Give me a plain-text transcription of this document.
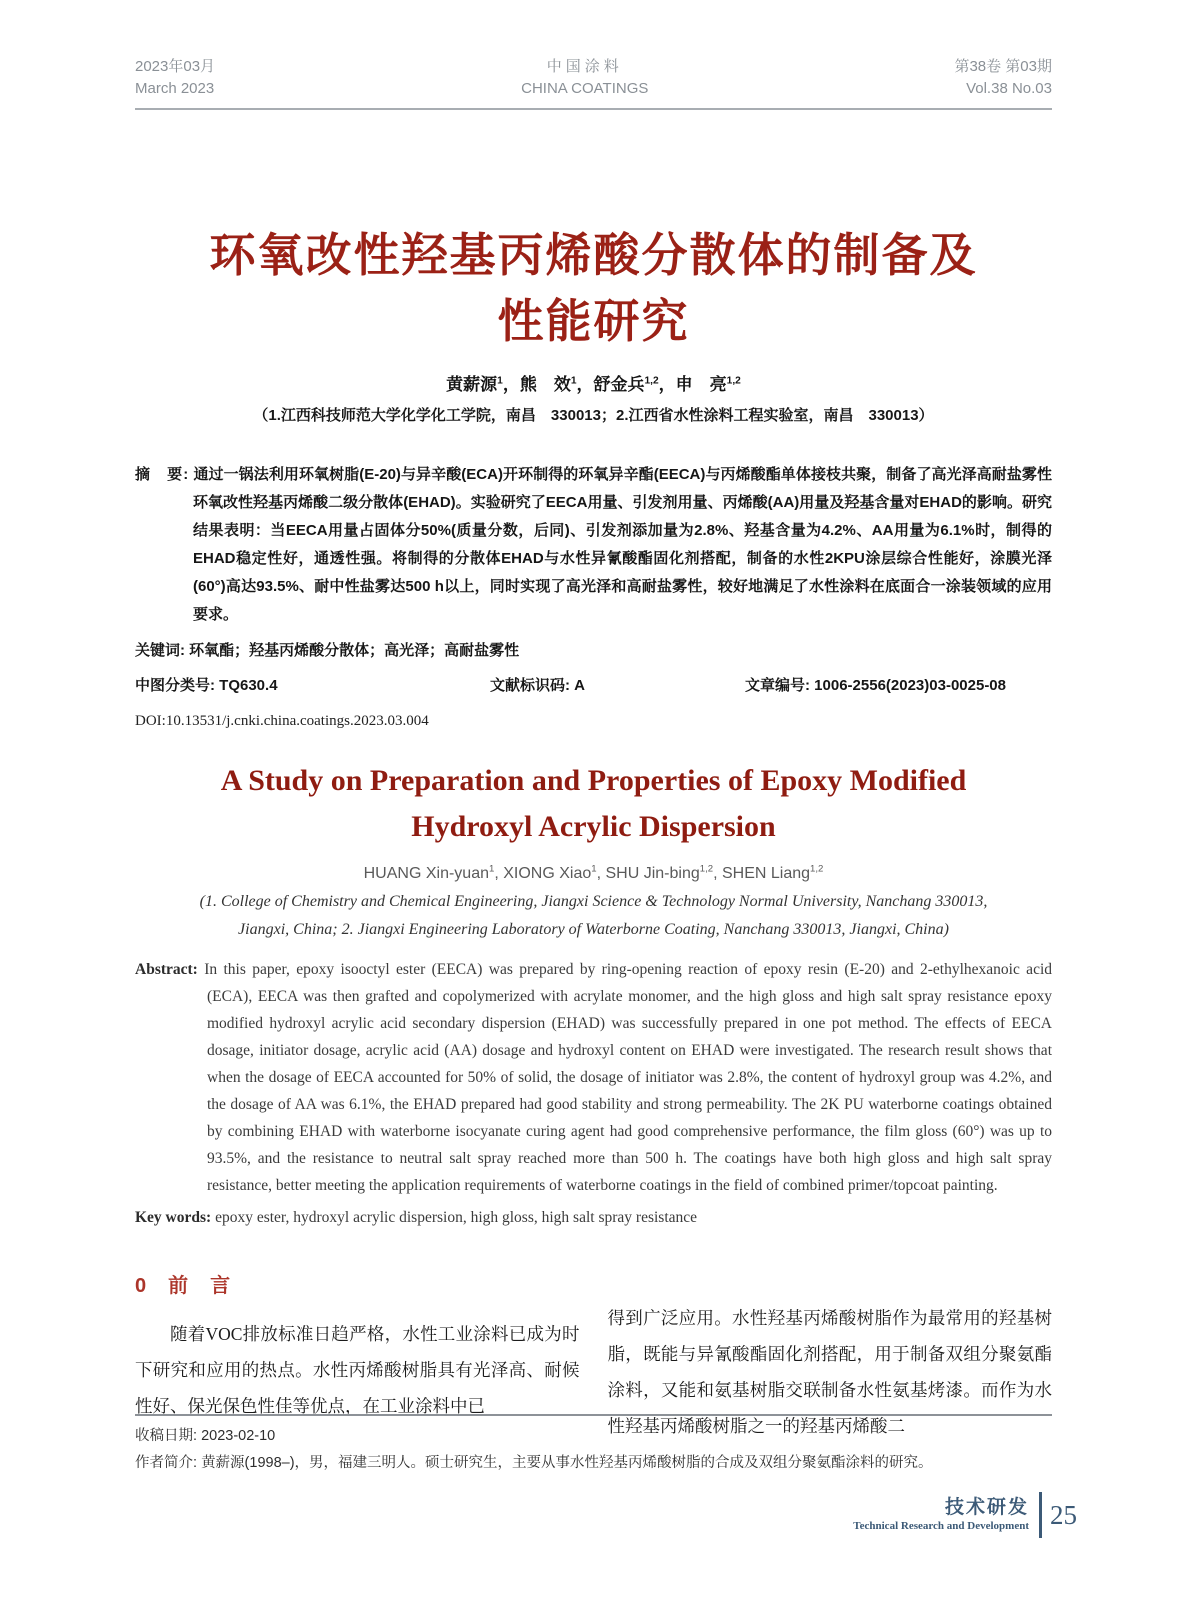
2023年03月
March 2023
中国涂料
CHINA COATINGS
第38卷 第03期
Vol.38 No.03
环氧改性羟基丙烯酸分散体的制备及
性能研究
黄薪源$^1$，熊　效$^1$，舒金兵$^{1,2}$，申　亮$^{1,2}$
（1.江西科技师范大学化学化工学院，南昌　330013；2.江西省水性涂料工程实验室，南昌　330013）

摘　要: 通过一锅法利用环氧树脂(E-20)与异辛酸(ECA)开环制得的环氧异辛酯(EECA)与丙烯酸酯单体接枝共聚，制备了高光泽高耐盐雾性环氧改性羟基丙烯酸二级分散体(EHAD)。实验研究了EECA用量、引发剂用量、丙烯酸(AA)用量及羟基含量对EHAD的影响。研究结果表明：当EECA用量占固体分50%(质量分数，后同)、引发剂添加量为2.8%、羟基含量为4.2%、AA用量为6.1%时，制得的EHAD稳定性好，通透性强。将制得的分散体EHAD与水性异氰酸酯固化剂搭配，制备的水性2KPU涂层综合性能好，涂膜光泽(60°)高达93.5%、耐中性盐雾达500 h以上，同时实现了高光泽和高耐盐雾性，较好地满足了水性涂料在底面合一涂装领域的应用要求。

关键词: 环氧酯；羟基丙烯酸分散体；高光泽；高耐盐雾性
中图分类号: TQ630.4	文献标识码: A	文章编号: 1006-2556(2023)03-0025-08
DOI:10.13531/j.cnki.china.coatings.2023.03.004
A Study on Preparation and Properties of Epoxy Modified
Hydroxyl Acrylic Dispersion
HUANG Xin-yuan$^1$, XIONG Xiao$^1$, SHU Jin-bing$^{1,2}$, SHEN Liang$^{1,2}$
(1. College of Chemistry and Chemical Engineering, Jiangxi Science & Technology Normal University, Nanchang 330013,
Jiangxi, China; 2. Jiangxi Engineering Laboratory of Waterborne Coating, Nanchang 330013, Jiangxi, China)

Abstract: In this paper, epoxy isooctyl ester (EECA) was prepared by ring-opening reaction of epoxy resin (E-20) and 2-ethylhexanoic acid (ECA), EECA was then grafted and copolymerized with acrylate monomer, and the high gloss and high salt spray resistance epoxy modified hydroxyl acrylic acid secondary dispersion (EHAD) was successfully prepared in one pot method. The effects of EECA dosage, initiator dosage, acrylic acid (AA) dosage and hydroxyl content on EHAD were investigated. The research result shows that when the dosage of EECA accounted for 50% of solid, the dosage of initiator was 2.8%, the content of hydroxyl group was 4.2%, and the dosage of AA was 6.1%, the EHAD prepared had good stability and strong permeability. The 2K PU waterborne coatings obtained by combining EHAD with waterborne isocyanate curing agent had good comprehensive performance, the film gloss (60°) was up to 93.5%, and the resistance to neutral salt spray reached more than 500 h. The coatings have both high gloss and high salt spray resistance, better meeting the application requirements of waterborne coatings in the field of combined primer/topcoat painting.

Key words: epoxy ester, hydroxyl acrylic dispersion, high gloss, high salt spray resistance
0　前　言

随着VOC排放标准日趋严格，水性工业涂料已成为时下研究和应用的热点。水性丙烯酸树脂具有光泽高、耐候性好、保光保色性佳等优点，在工业涂料中已

得到广泛应用。水性羟基丙烯酸树脂作为最常用的羟基树脂，既能与异氰酸酯固化剂搭配，用于制备双组分聚氨酯涂料，又能和氨基树脂交联制备水性氨基烤漆。而作为水性羟基丙烯酸树脂之一的羟基丙烯酸二

收稿日期: 2023-02-10
作者简介: 黄薪源(1998–)，男，福建三明人。硕士研究生，主要从事水性羟基丙烯酸树脂的合成及双组分聚氨酯涂料的研究。
技术研发
Technical Research and Development 25
